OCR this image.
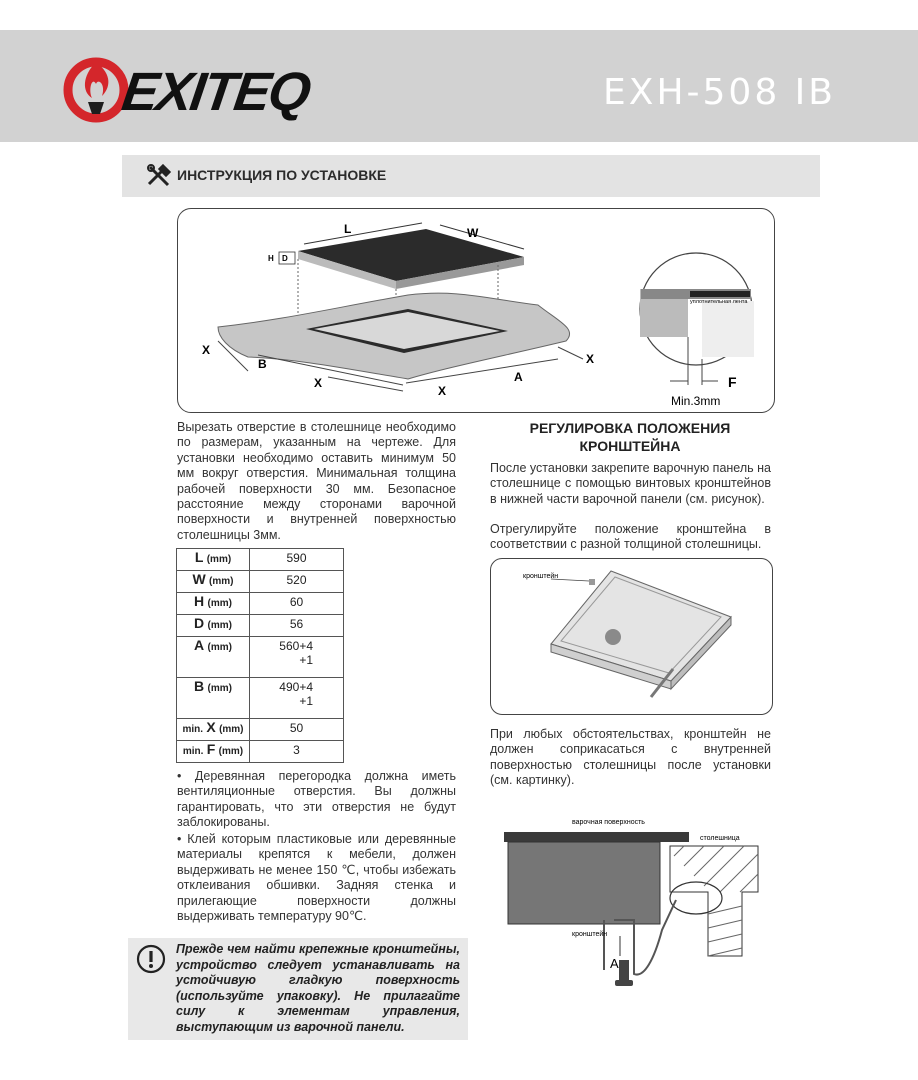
EXITEQ	EXH-508 IB
ИНСТРУКЦИЯ ПО УСТАНОВКЕ
L	W
H D
X
B
X
X
A
X
уплотнительная лента
F
Min.3mm

Вырезать отверстие в столешнице необходимо по размерам, указанным на чертеже. Для установки необходимо оставить минимум 50 мм вокруг отверстия. Минимальная толщина рабочей поверхности 30 мм. Безопасное расстояние между сторонами варочной поверхности и внутренней поверхностью столешницы 3мм.

L (mm)	590
W (mm)	520
H (mm)	60
D (mm)	56
A (mm)	560+4
+1

B (mm)	490+4
+1

min. X (mm)	50
min. F (mm)	3

• Деревянная перегородка должна иметь вентиляционные отверстия. Вы должны гарантировать, что эти отверстия не будут заблокированы.

• Клей которым пластиковые или деревянные материалы крепятся к мебели, должен выдерживать не менее 150 ℃, чтобы избежать отклеивания обшивки. Задняя стенка и прилегающие поверхности должны выдерживать температуру 90℃.

Прежде чем найти крепежные кронштейны, устройство следует устанавливать на устойчивую гладкую поверхность (используйте упаковку). Не прилагайте силу к элементам управления, выступающим из варочной панели.
РЕГУЛИРОВКА ПОЛОЖЕНИЯ
КРОНШТЕЙНА

После установки закрепите варочную панель на столешнице с помощью винтовых кронштейнов в нижней части варочной панели (см. рисунок).

Отрегулируйте положение кронштейна в соответствии с разной толщиной столешницы.

кронштейн

При любых обстоятельствах, кронштейн не должен соприкасаться с внутренней поверхностью столешницы после установки (см. картинку).

варочная поверхность
столешница
кронштейн
A
